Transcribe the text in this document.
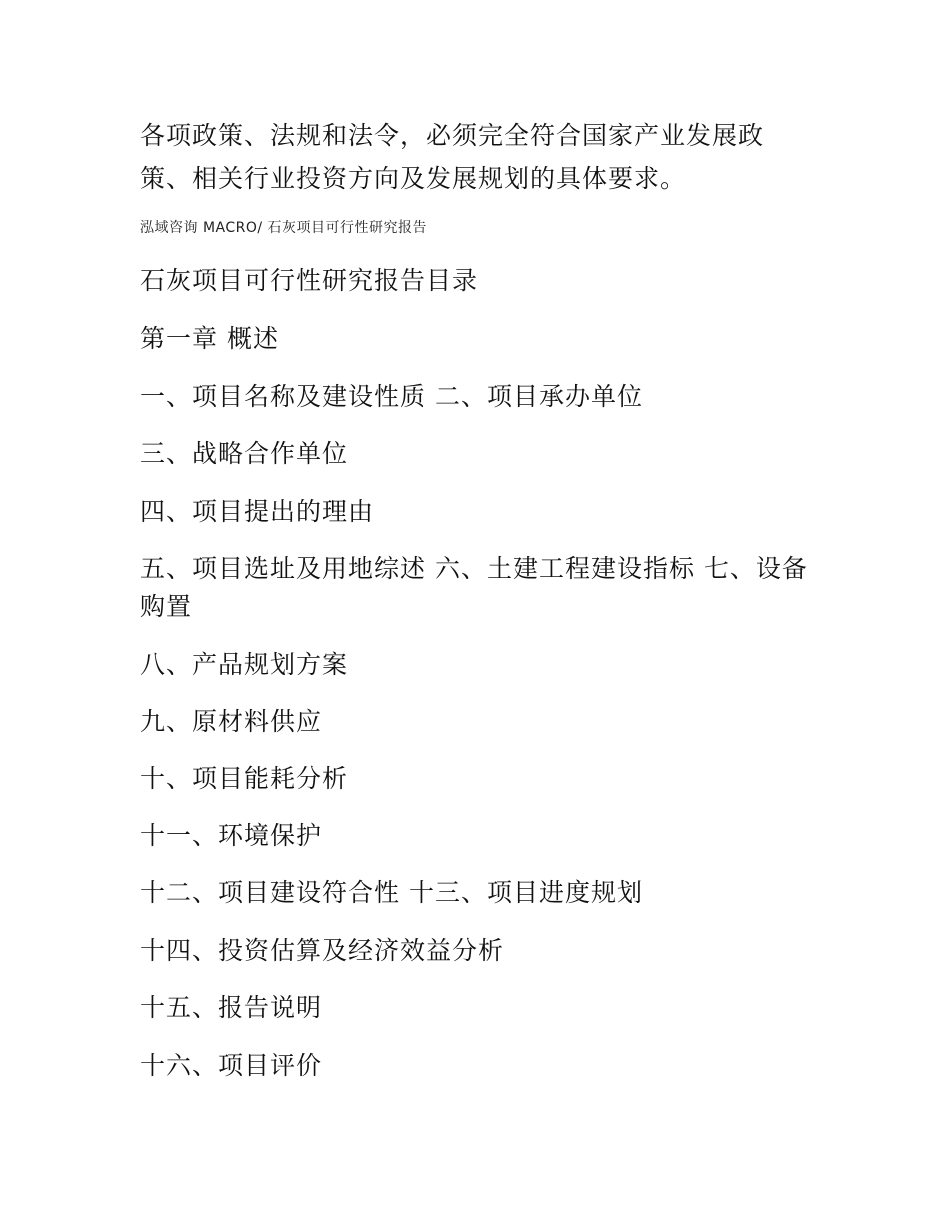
各项政策、法规和法令，必须完全符合国家产业发展政

策、相关行业投资方向及发展规划的具体要求。

泓域咨询 MACRO/ 石灰项目可行性研究报告

石灰项目可行性研究报告目录

第一章 概述

一、项目名称及建设性质 二、项目承办单位

三、战略合作单位

四、项目提出的理由

五、项目选址及用地综述 六、土建工程建设指标 七、设备购置

八、产品规划方案

九、原材料供应

十、项目能耗分析

十一、环境保护

十二、项目建设符合性 十三、项目进度规划

十四、投资估算及经济效益分析

十五、报告说明

十六、项目评价
